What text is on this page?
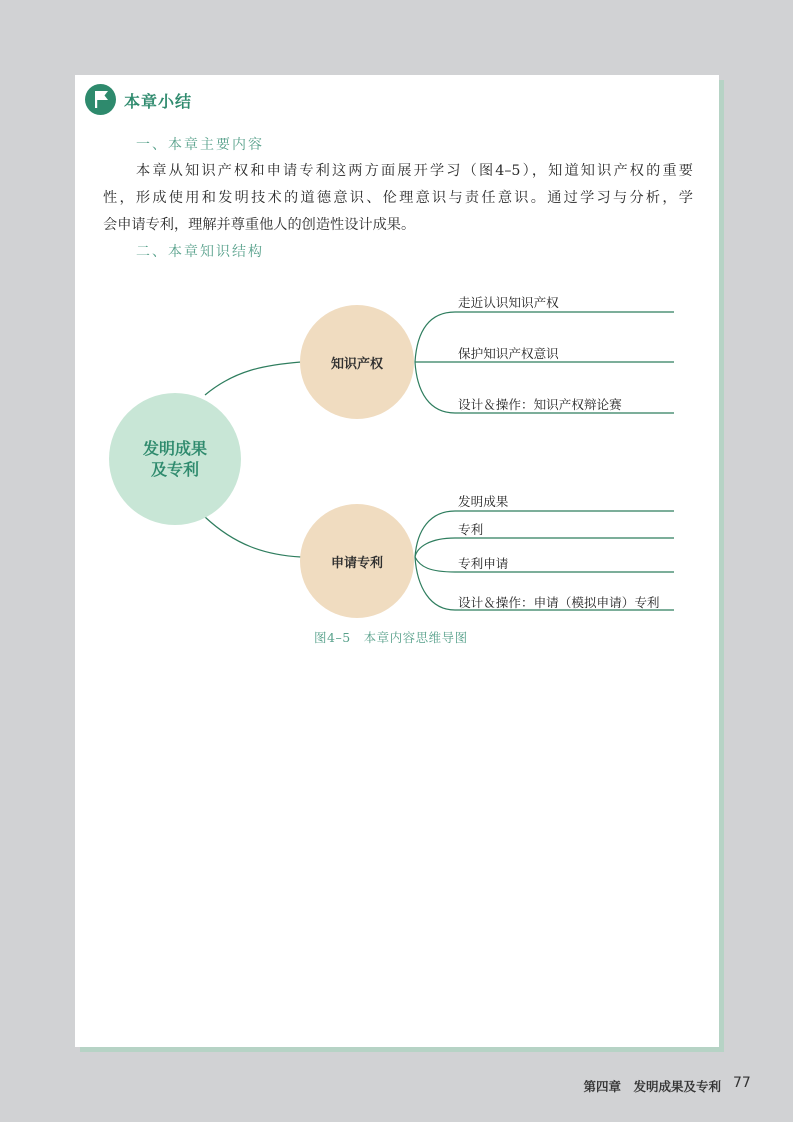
本章小结
一、本章主要内容
本章从知识产权和申请专利这两方面展开学习（图4–5），知道知识产权的重要
性，形成使用和发明技术的道德意识、伦理意识与责任意识。通过学习与分析，学
会申请专利，理解并尊重他人的创造性设计成果。
二、本章知识结构
发明成果
及专利
知识产权
申请专利
走近认识知识产权
保护知识产权意识
设计＆操作：知识产权辩论赛
发明成果
专利
专利申请
设计＆操作：申请（模拟申请）专利
图4–5　本章内容思维导图
第四章　发明成果及专利 77
